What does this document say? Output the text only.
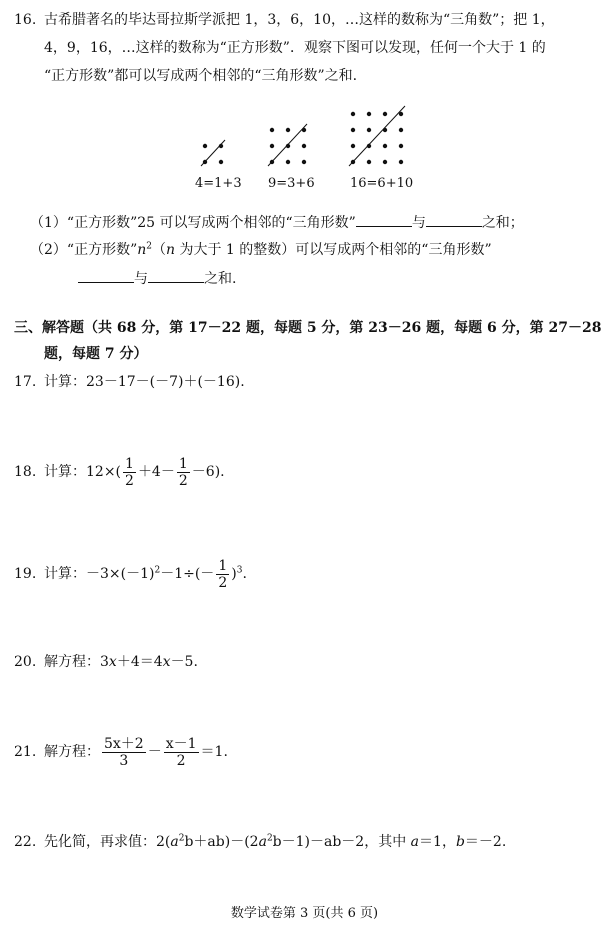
16. 古希腊著名的毕达哥拉斯学派把 1，3，6，10，…这样的数称为“三角数”；把 1，
4，9，16，…这样的数称为“正方形数”．观察下图可以发现，任何一个大于 1 的
“正方形数”都可以写成两个相邻的“三角形数”之和.
4=1+3 9=3+6	16=6+10
（1）“正方形数”25 可以写成两个相邻的“三角形数”	与	之和；
（2）“正方形数$”n^2(n$ 为大于 1 的整数）可以写成两个相邻的“三角形数”
与	之和.
三、解答题（共 68 分，第 17－22 题，每题 5 分，第 23－26 题，每题 6 分，第 27－28
题，每题 7 分）
17. 计算：23－17－(－7)＋(－16).
18. 计算：$12\times( \frac{1}{2} +4- \frac{1}{2} -6)$.
19. 计算：$-3\times(-1)^2-1\div(- \frac{1}{2} )^3$.
20. 解方程：3x＋4＝4x－5.
21. 解方程： $\frac{5x+2}{3} - \frac{x-1}{2} =1$.
22. 先化简，再求值：$2(a^2b+ab)-(2a^2b-1)-ab-2$，其中 a＝1，b＝－2.
数学试卷第 3 页(共 6 页)
